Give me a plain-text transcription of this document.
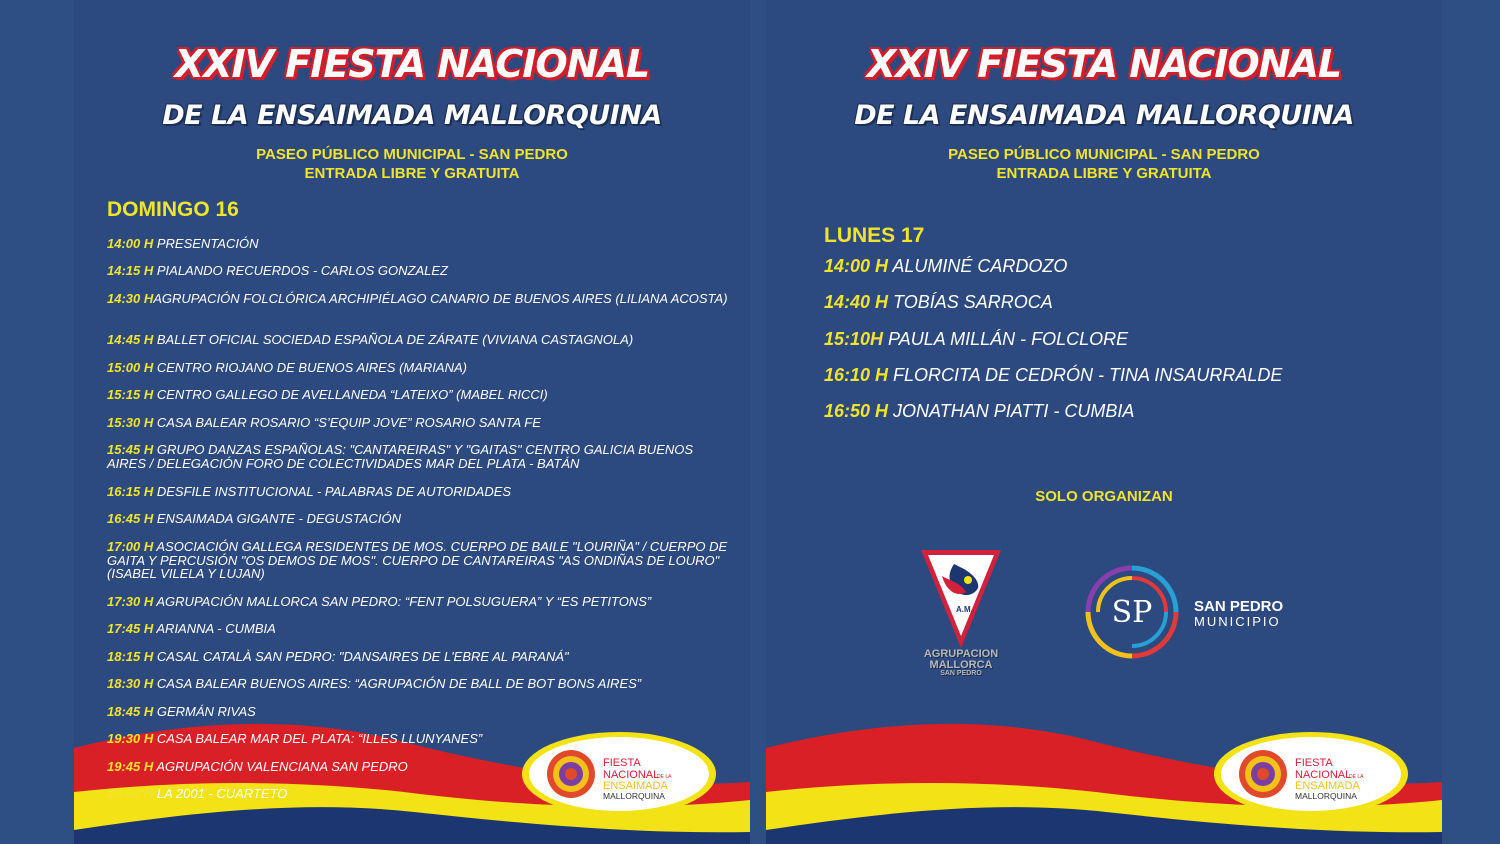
XXIV FIESTA NACIONAL
DE LA ENSAIMADA MALLORQUINA
PASEO PÚBLICO MUNICIPAL - SAN PEDRO
ENTRADA LIBRE Y GRATUITA
DOMINGO 16
14:00 H PRESENTACIÓN
14:15 H PIALANDO RECUERDOS - CARLOS GONZALEZ
14:30 HAGRUPACIÓN FOLCLÓRICA ARCHIPIÉLAGO CANARIO DE BUENOS AIRES (LILIANA ACOSTA)
14:45 H BALLET OFICIAL SOCIEDAD ESPAÑOLA DE ZÁRATE (VIVIANA CASTAGNOLA)
15:00 H CENTRO RIOJANO DE BUENOS AIRES (MARIANA)
15:15 H CENTRO GALLEGO DE AVELLANEDA “LATEIXO” (MABEL RICCI)
15:30 H CASA BALEAR ROSARIO “S’EQUIP JOVE” ROSARIO SANTA FE
15:45 H GRUPO DANZAS ESPAÑOLAS: "CANTAREIRAS" Y "GAITAS" CENTRO GALICIA BUENOS AIRES / DELEGACIÓN FORO DE COLECTIVIDADES MAR DEL PLATA - BATÁN
16:15 H DESFILE INSTITUCIONAL - PALABRAS DE AUTORIDADES
16:45 H ENSAIMADA GIGANTE - DEGUSTACIÓN
17:00 H ASOCIACIÓN GALLEGA RESIDENTES DE MOS. CUERPO DE BAILE "LOURIÑA" / CUERPO DE GAITA Y PERCUSIÓN "OS DEMOS DE MOS". CUERPO DE CANTAREIRAS "AS ONDIÑAS DE LOURO" (ISABEL VILELA Y LUJAN)
17:30 H AGRUPACIÓN MALLORCA SAN PEDRO: “FENT POLSUGUERA” Y “ES PETITONS”
17:45 H ARIANNA - CUMBIA
18:15 H CASAL CATALÀ SAN PEDRO: "DANSAIRES DE L'EBRE AL PARANÁ"
18:30 H CASA BALEAR BUENOS AIRES: “AGRUPACIÓN DE BALL DE BOT BONS AIRES”
18:45 H GERMÁN RIVAS
19:30 H CASA BALEAR MAR DEL PLATA: “ILLES LLUNYANES”
19:45 H AGRUPACIÓN VALENCIANA SAN PEDRO
20:00 H LA 2001 - CUARTETO
FIESTA
NACIONAL
DE LA
ENSAIMADA
MALLORQUINA
XXIV FIESTA NACIONAL
DE LA ENSAIMADA MALLORQUINA
PASEO PÚBLICO MUNICIPAL - SAN PEDRO
ENTRADA LIBRE Y GRATUITA
LUNES 17
14:00 H ALUMINÉ CARDOZO
14:40 H TOBÍAS SARROCA
15:10H PAULA MILLÁN - FOLCLORE
16:10 H FLORCITA DE CEDRÓN - TINA INSAURRALDE
16:50 H JONATHAN PIATTI - CUMBIA
SOLO ORGANIZAN
A.M.
AGRUPACION
MALLORCA
SAN PEDRO
SP	SAN PEDRO
MUNICIPIO
FIESTA
NACIONAL
DE LA
ENSAIMADA
MALLORQUINA
